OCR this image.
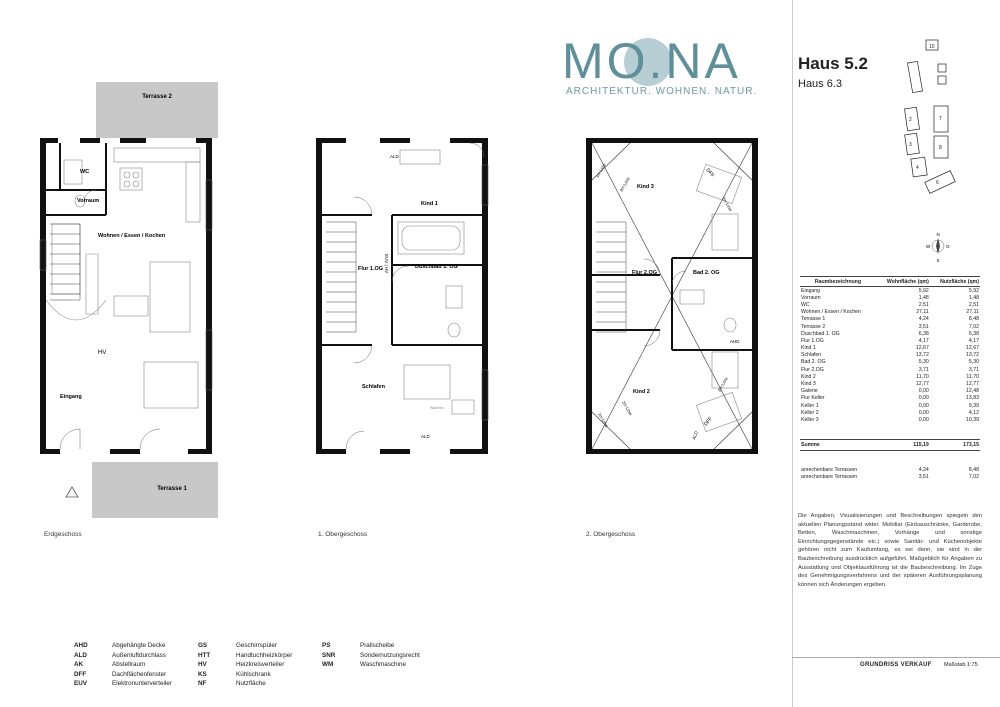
MO.NA
ARCHITEKTUR. WOHNEN. NATUR.
Terrasse 2
Terrasse 1
WC
Vorraum
Wohnen / Essen / Kochen
Eingang
HV
Kind 1
Flur 1.OG	Duschbad 1. OG
Schlafen
ALD
ALD
EUV | HV
Waschm.
Kind 3
Flur 2.OG	Bad 2. OG
Kind 2
AHD
ALD
DFF
DFF
1m Linie
2m Linie
2m Linie
1m Linie
2m Linie
2m Linie
Erdgeschoss	1. Obergeschoss	2. Obergeschoss
Haus 5.2
Haus 6.3
10
2	7
3	8
4
6
N
O
S
W
Raumbezeichnung	Wohnfläche (qm)	Nutzfläche (qm)
Eingang	5,92	5,92
Vorraum	1,48	1,48
WC	2,51	2,51
Wohnen / Essen / Kochen	27,11	27,11
Terrasse 1	4,24	8,48
Terrasse 2	3,51	7,02
Duschbad 1. OG	6,38	6,38
Flur 1.OG	4,17	4,17
Kind 1	12,67	12,67
Schlafen	13,72	13,72
Bad 2. OG	5,30	5,30
Flur 2.OG	3,71	3,71
Kind 2	11,70	11,70
Kind 3	12,77	12,77
Galerie	0,00	12,48
Flur Keller	0,00	13,83
Keller 1	0,00	9,39
Keller 2	0,00	4,12
Keller 3	0,00	10,39

Summe	115,19	173,15

anrechenbare Terrassen	4,24	8,48
anrechenbare Terrassen	3,51	7,02
Die Angaben, Visualisierungen und Beschreibungen spiegeln den aktuellen Planungsstand wider. Mobiliar (Einbauschränke, Garderobe, Betten, Waschmaschinen, Vorhänge und sonstige Einrichtungsgegenstände etc.) sowie Sanitär- und Küchenobjekte gehören nicht zum Kaufumfang, es sei denn, sie sind in der Baubeschreibung ausdrücklich aufgeführt. Maßgeblich für Angaben zu Ausstattung und Objektausführung ist die Baubeschreibung. Im Zuge des Genehmigungsverfahrens und der späteren Ausführungsplanung können sich Änderungen ergeben.
GRUNDRISS VERKAUF Maßstab 1:75
AHD	Abgehängte Decke
ALD	Außenluftdurchlass
AK	Abstellraum
DFF	Dachflächenfenster
EUV	Elektronunterverteiler
GS	Geschirrspüler
HTT	Handtuchheizkörper
HV	Heizkreisverteiler
KS	Kühlschrank
NF	Nutzfläche
PS	Prallscheibe
SNR	Sondernutzungsrecht
WM	Waschmaschine
